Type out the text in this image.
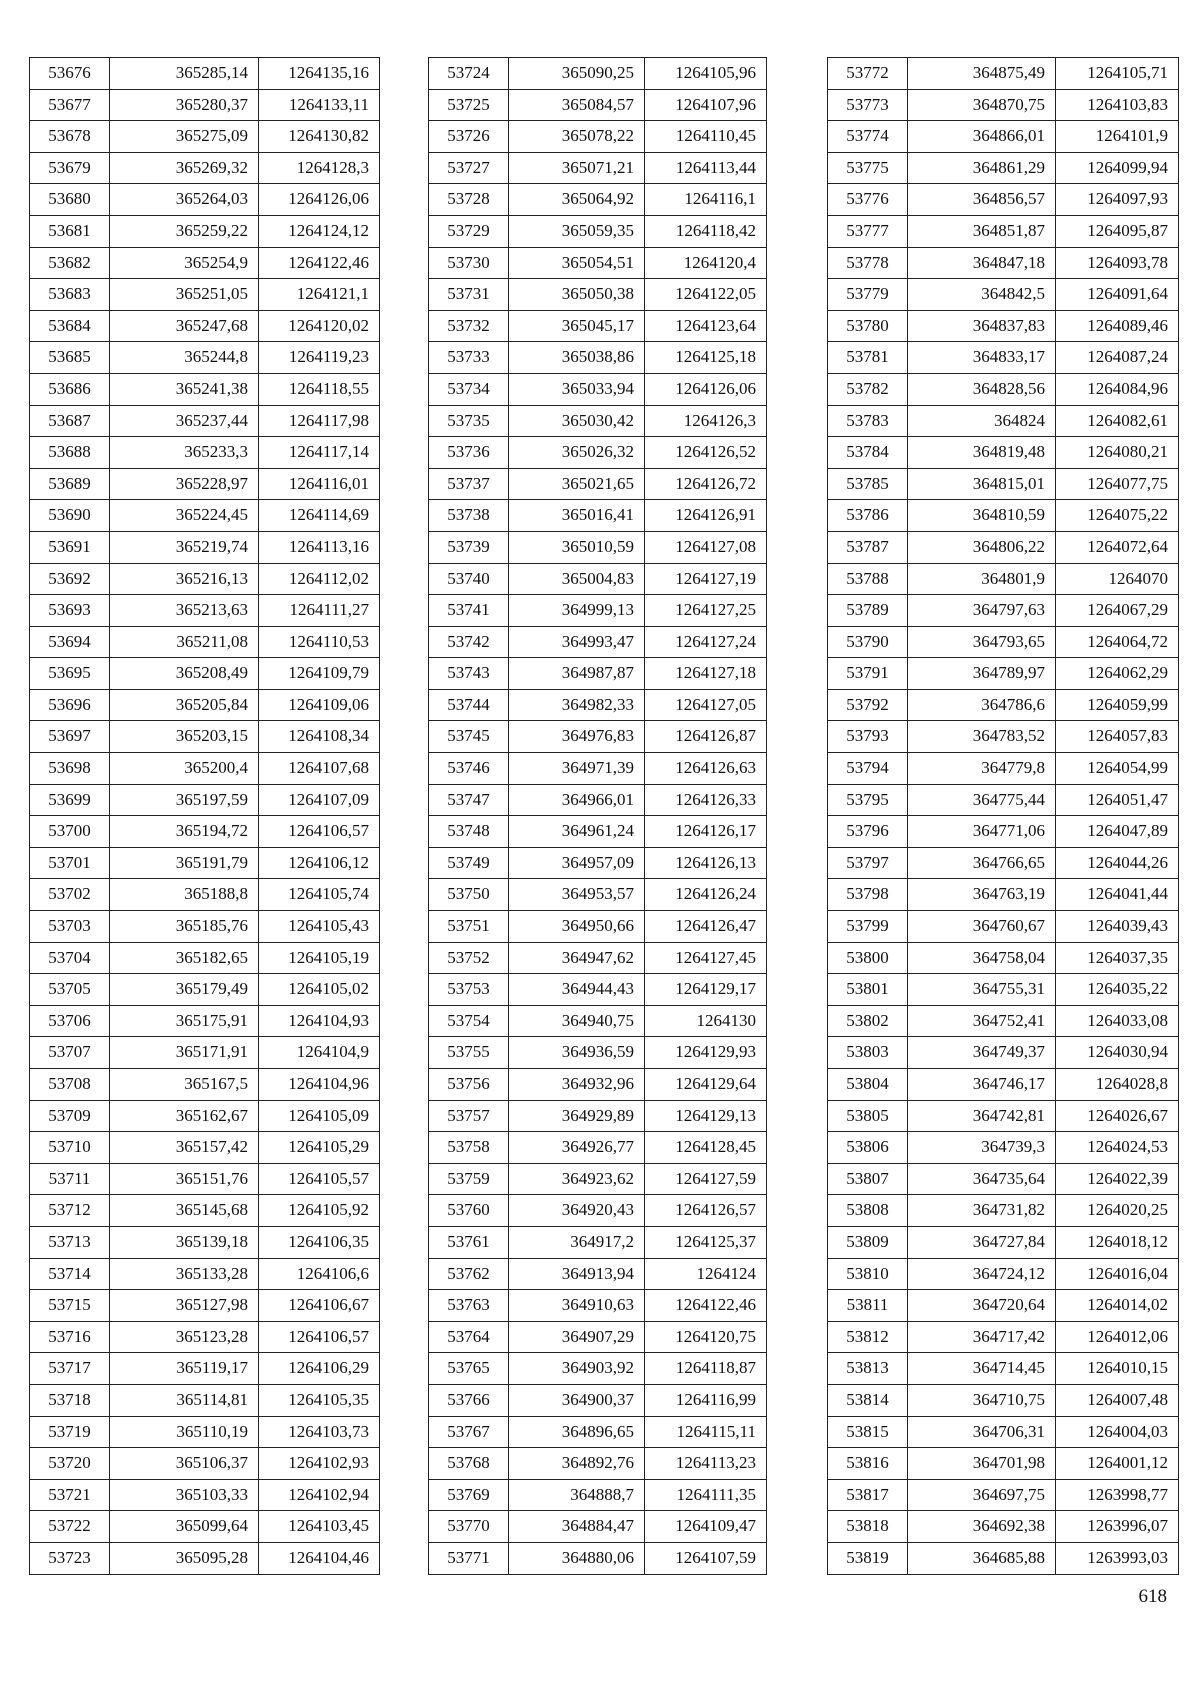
53676	365285,14	1264135,16
53677	365280,37	1264133,11
53678	365275,09	1264130,82
53679	365269,32	1264128,3
53680	365264,03	1264126,06
53681	365259,22	1264124,12
53682	365254,9	1264122,46
53683	365251,05	1264121,1
53684	365247,68	1264120,02
53685	365244,8	1264119,23
53686	365241,38	1264118,55
53687	365237,44	1264117,98
53688	365233,3	1264117,14
53689	365228,97	1264116,01
53690	365224,45	1264114,69
53691	365219,74	1264113,16
53692	365216,13	1264112,02
53693	365213,63	1264111,27
53694	365211,08	1264110,53
53695	365208,49	1264109,79
53696	365205,84	1264109,06
53697	365203,15	1264108,34
53698	365200,4	1264107,68
53699	365197,59	1264107,09
53700	365194,72	1264106,57
53701	365191,79	1264106,12
53702	365188,8	1264105,74
53703	365185,76	1264105,43
53704	365182,65	1264105,19
53705	365179,49	1264105,02
53706	365175,91	1264104,93
53707	365171,91	1264104,9
53708	365167,5	1264104,96
53709	365162,67	1264105,09
53710	365157,42	1264105,29
53711	365151,76	1264105,57
53712	365145,68	1264105,92
53713	365139,18	1264106,35
53714	365133,28	1264106,6
53715	365127,98	1264106,67
53716	365123,28	1264106,57
53717	365119,17	1264106,29
53718	365114,81	1264105,35
53719	365110,19	1264103,73
53720	365106,37	1264102,93
53721	365103,33	1264102,94
53722	365099,64	1264103,45
53723	365095,28	1264104,46
53724	365090,25	1264105,96
53725	365084,57	1264107,96
53726	365078,22	1264110,45
53727	365071,21	1264113,44
53728	365064,92	1264116,1
53729	365059,35	1264118,42
53730	365054,51	1264120,4
53731	365050,38	1264122,05
53732	365045,17	1264123,64
53733	365038,86	1264125,18
53734	365033,94	1264126,06
53735	365030,42	1264126,3
53736	365026,32	1264126,52
53737	365021,65	1264126,72
53738	365016,41	1264126,91
53739	365010,59	1264127,08
53740	365004,83	1264127,19
53741	364999,13	1264127,25
53742	364993,47	1264127,24
53743	364987,87	1264127,18
53744	364982,33	1264127,05
53745	364976,83	1264126,87
53746	364971,39	1264126,63
53747	364966,01	1264126,33
53748	364961,24	1264126,17
53749	364957,09	1264126,13
53750	364953,57	1264126,24
53751	364950,66	1264126,47
53752	364947,62	1264127,45
53753	364944,43	1264129,17
53754	364940,75	1264130
53755	364936,59	1264129,93
53756	364932,96	1264129,64
53757	364929,89	1264129,13
53758	364926,77	1264128,45
53759	364923,62	1264127,59
53760	364920,43	1264126,57
53761	364917,2	1264125,37
53762	364913,94	1264124
53763	364910,63	1264122,46
53764	364907,29	1264120,75
53765	364903,92	1264118,87
53766	364900,37	1264116,99
53767	364896,65	1264115,11
53768	364892,76	1264113,23
53769	364888,7	1264111,35
53770	364884,47	1264109,47
53771	364880,06	1264107,59
53772	364875,49	1264105,71
53773	364870,75	1264103,83
53774	364866,01	1264101,9
53775	364861,29	1264099,94
53776	364856,57	1264097,93
53777	364851,87	1264095,87
53778	364847,18	1264093,78
53779	364842,5	1264091,64
53780	364837,83	1264089,46
53781	364833,17	1264087,24
53782	364828,56	1264084,96
53783	364824	1264082,61
53784	364819,48	1264080,21
53785	364815,01	1264077,75
53786	364810,59	1264075,22
53787	364806,22	1264072,64
53788	364801,9	1264070
53789	364797,63	1264067,29
53790	364793,65	1264064,72
53791	364789,97	1264062,29
53792	364786,6	1264059,99
53793	364783,52	1264057,83
53794	364779,8	1264054,99
53795	364775,44	1264051,47
53796	364771,06	1264047,89
53797	364766,65	1264044,26
53798	364763,19	1264041,44
53799	364760,67	1264039,43
53800	364758,04	1264037,35
53801	364755,31	1264035,22
53802	364752,41	1264033,08
53803	364749,37	1264030,94
53804	364746,17	1264028,8
53805	364742,81	1264026,67
53806	364739,3	1264024,53
53807	364735,64	1264022,39
53808	364731,82	1264020,25
53809	364727,84	1264018,12
53810	364724,12	1264016,04
53811	364720,64	1264014,02
53812	364717,42	1264012,06
53813	364714,45	1264010,15
53814	364710,75	1264007,48
53815	364706,31	1264004,03
53816	364701,98	1264001,12
53817	364697,75	1263998,77
53818	364692,38	1263996,07
53819	364685,88	1263993,03
618
